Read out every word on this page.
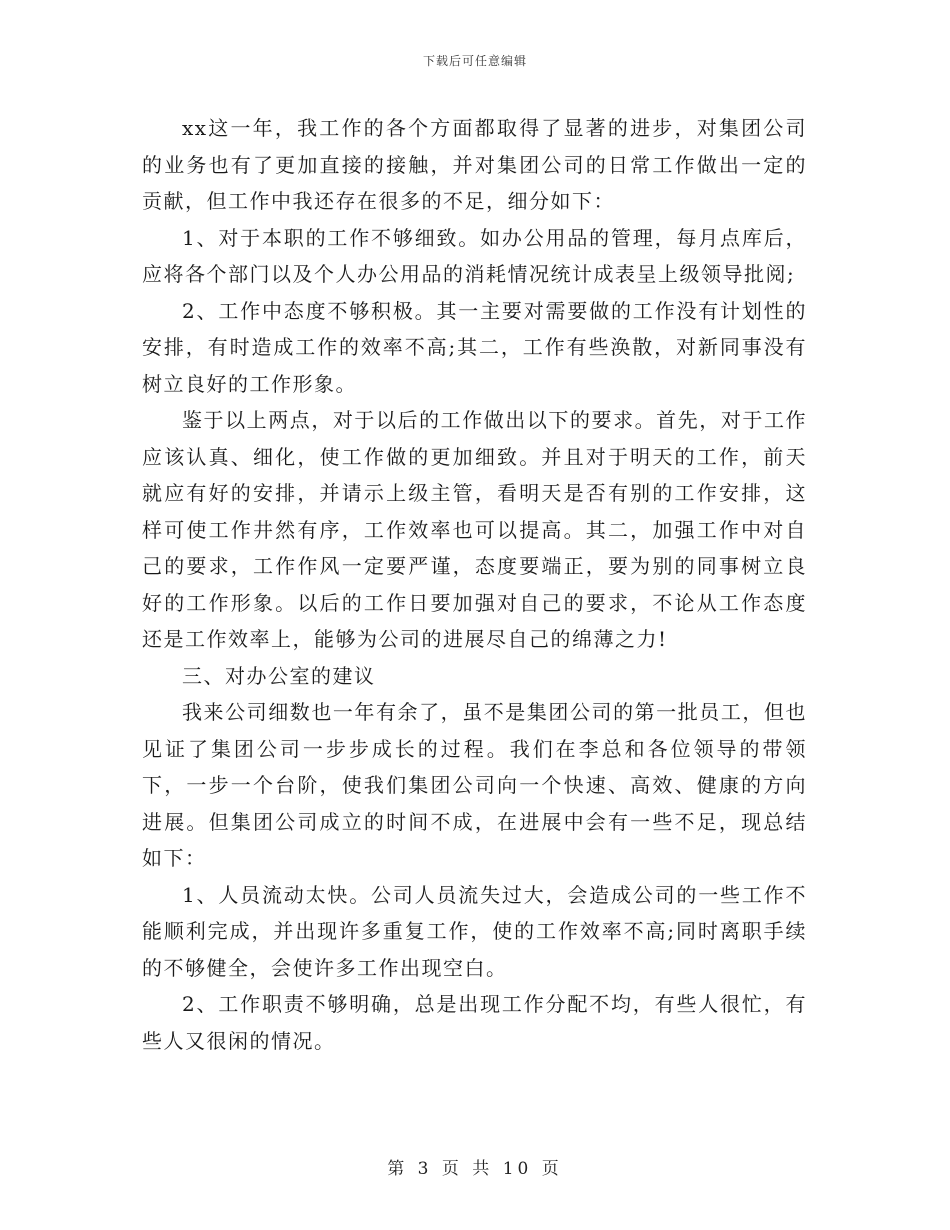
下载后可任意编辑

xx这一年，我工作的各个方面都取得了显著的进步，对集团公司的业务也有了更加直接的接触，并对集团公司的日常工作做出一定的贡献，但工作中我还存在很多的不足，细分如下：

1、对于本职的工作不够细致。如办公用品的管理，每月点库后，应将各个部门以及个人办公用品的消耗情况统计成表呈上级领导批阅;

2、工作中态度不够积极。其一主要对需要做的工作没有计划性的安排，有时造成工作的效率不高;其二，工作有些涣散，对新同事没有树立良好的工作形象。

鉴于以上两点，对于以后的工作做出以下的要求。首先，对于工作应该认真、细化，使工作做的更加细致。并且对于明天的工作，前天就应有好的安排，并请示上级主管，看明天是否有别的工作安排，这样可使工作井然有序，工作效率也可以提高。其二，加强工作中对自己的要求，工作作风一定要严谨，态度要端正，要为别的同事树立良好的工作形象。以后的工作日要加强对自己的要求，不论从工作态度还是工作效率上，能够为公司的进展尽自己的绵薄之力!

三、对办公室的建议

我来公司细数也一年有余了，虽不是集团公司的第一批员工，但也见证了集团公司一步步成长的过程。我们在李总和各位领导的带领下，一步一个台阶，使我们集团公司向一个快速、高效、健康的方向进展。但集团公司成立的时间不成，在进展中会有一些不足，现总结如下：

1、人员流动太快。公司人员流失过大，会造成公司的一些工作不能顺利完成，并出现许多重复工作，使的工作效率不高;同时离职手续的不够健全，会使许多工作出现空白。

2、工作职责不够明确，总是出现工作分配不均，有些人很忙，有些人又很闲的情况。

第 3 页 共 10 页
